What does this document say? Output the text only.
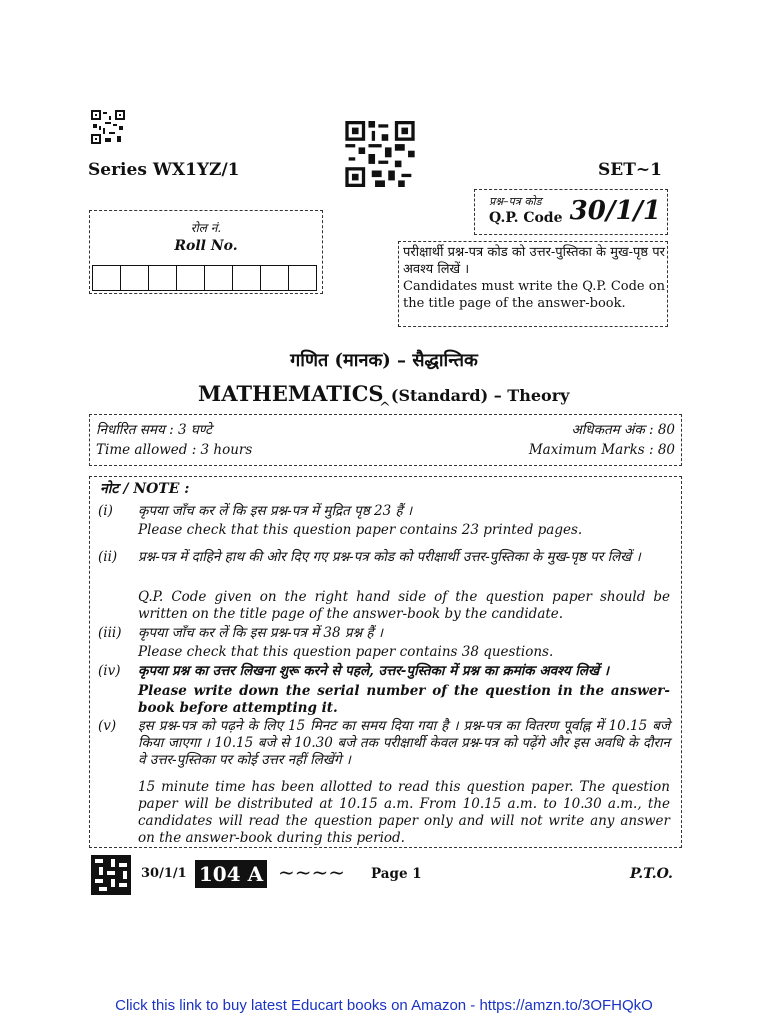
Series WX1YZ/1	SET~1
प्रश्न–पत्र कोड
Q.P. Code 30/1/1
रोल नं.
Roll No.	परीक्षार्थी प्रश्न-पत्र कोड को उत्तर-पुस्तिका के मुख-पृष्ठ पर अवश्य लिखें ।
Candidates must write the Q.P. Code on the title page of the answer-book.
गणित (मानक) – सैद्धान्तिक
MATHEMATICS (Standard) – Theory
^
निर्धारित समय : 3 घण्टे	अधिकतम अंक : 80
Time allowed : 3 hours	Maximum Marks : 80
नोट / NOTE :
(i) कृपया जाँच कर लें कि इस प्रश्न-पत्र में मुद्रित पृष्ठ 23 हैं ।
Please check that this question paper contains 23 printed pages.
(ii) प्रश्न-पत्र में दाहिने हाथ की ओर दिए गए प्रश्न-पत्र कोड को परीक्षार्थी उत्तर-पुस्तिका के मुख-पृष्ठ पर लिखें ।
Q.P. Code given on the right hand side of the question paper should be written on the title page of the answer-book by the candidate.
(iii) कृपया जाँच कर लें कि इस प्रश्न-पत्र में 38 प्रश्न हैं ।
Please check that this question paper contains 38 questions.
(iv) कृपया प्रश्न का उत्तर लिखना शुरू करने से पहले, उत्तर-पुस्तिका में प्रश्न का क्रमांक अवश्य लिखें ।
Please write down the serial number of the question in the answer-book before attempting it.
(v) इस प्रश्न-पत्र को पढ़ने के लिए 15 मिनट का समय दिया गया है । प्रश्न-पत्र का वितरण पूर्वाह्न में 10.15 बजे किया जाएगा । 10.15 बजे से 10.30 बजे तक परीक्षार्थी केवल प्रश्न-पत्र को पढ़ेंगे और इस अवधि के दौरान वे उत्तर-पुस्तिका पर कोई उत्तर नहीं लिखेंगे ।
15 minute time has been allotted to read this question paper. The question paper will be distributed at 10.15 a.m. From 10.15 a.m. to 10.30 a.m., the candidates will read the question paper only and will not write any answer on the answer-book during this period.
30/1/1 104 A ~~~~ Page 1	P.T.O.
Click this link to buy latest Educart books on Amazon - https://amzn.to/3OFHQkO
